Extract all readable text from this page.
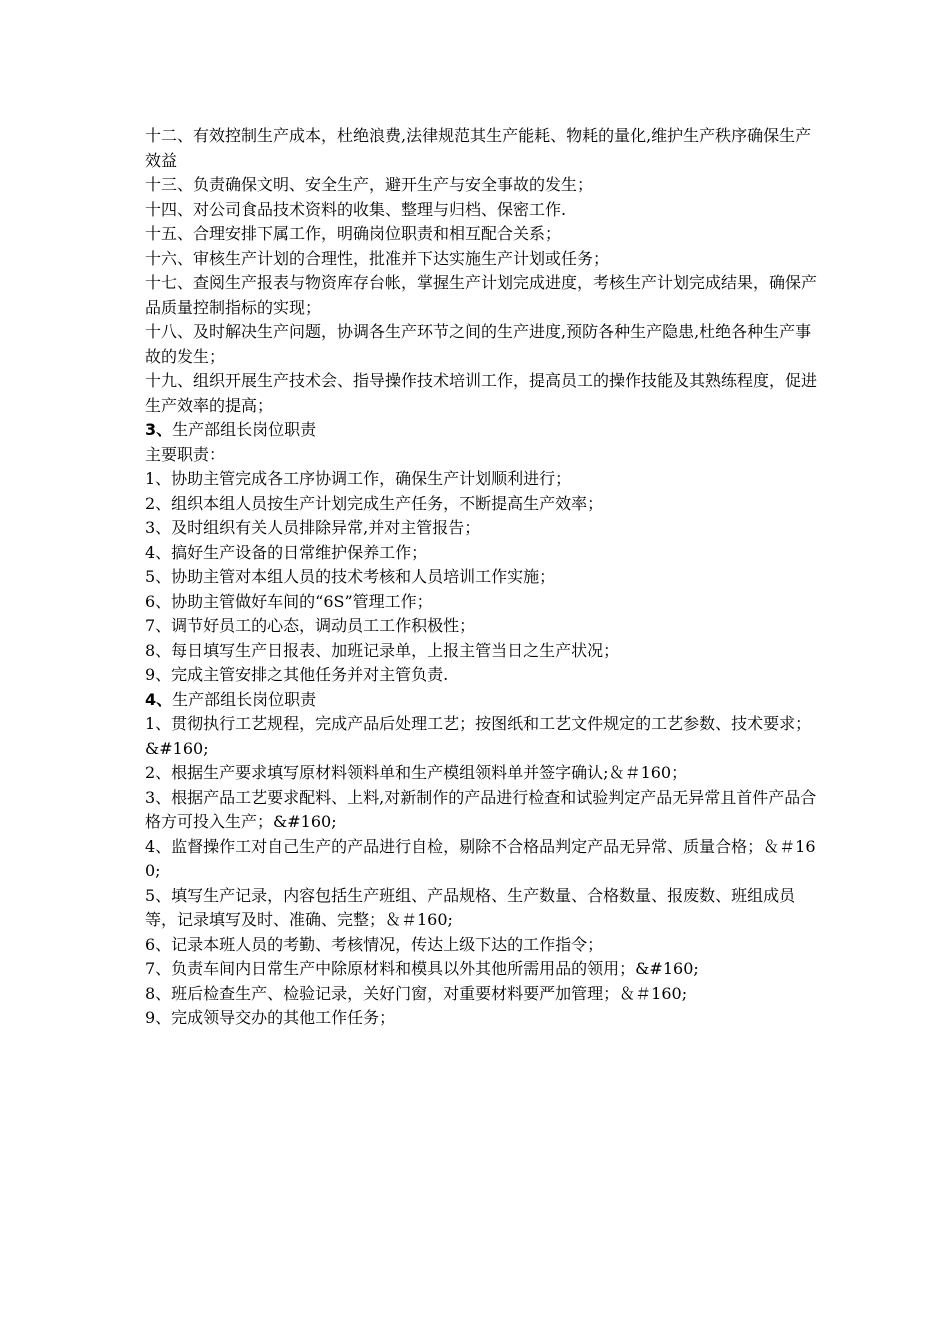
十二、有效控制生产成本，杜绝浪费,法律规范其生产能耗、物耗的量化,维护生产秩序确保生产效益

十三、负责确保文明、安全生产，避开生产与安全事故的发生；

十四、对公司食品技术资料的收集、整理与归档、保密工作.

十五、合理安排下属工作，明确岗位职责和相互配合关系；

十六、审核生产计划的合理性，批准并下达实施生产计划或任务；

十七、查阅生产报表与物资库存台帐，掌握生产计划完成进度，考核生产计划完成结果，确保产品质量控制指标的实现；

十八、及时解决生产问题，协调各生产环节之间的生产进度,预防各种生产隐患,杜绝各种生产事故的发生；

十九、组织开展生产技术会、指导操作技术培训工作，提高员工的操作技能及其熟练程度，促进生产效率的提高；

3、生产部组长岗位职责

主要职责：

1、协助主管完成各工序协调工作，确保生产计划顺利进行；

2、组织本组人员按生产计划完成生产任务，不断提高生产效率；

3、及时组织有关人员排除异常,并对主管报告；

4、搞好生产设备的日常维护保养工作；

5、协助主管对本组人员的技术考核和人员培训工作实施；

6、协助主管做好车间的“6S”管理工作；

7、调节好员工的心态，调动员工工作积极性；

8、每日填写生产日报表、加班记录单，上报主管当日之生产状况；

9、完成主管安排之其他任务并对主管负责.

4、生产部组长岗位职责

1、贯彻执行工艺规程，完成产品后处理工艺；按图纸和工艺文件规定的工艺参数、技术要求；&#160;

2、根据生产要求填写原材料领料单和生产模组领料单并签字确认;＆＃160；

3、根据产品工艺要求配料、上料,对新制作的产品进行检查和试验判定产品无异常且首件产品合格方可投入生产；&#160;

4、监督操作工对自己生产的产品进行自检，剔除不合格品判定产品无异常、质量合格；＆＃160;

5、填写生产记录，内容包括生产班组、产品规格、生产数量、合格数量、报废数、班组成员等，记录填写及时、准确、完整；＆＃160;

6、记录本班人员的考勤、考核情况，传达上级下达的工作指令；

7、负责车间内日常生产中除原材料和模具以外其他所需用品的领用；&#160;

8、班后检查生产、检验记录，关好门窗，对重要材料要严加管理；＆＃160;

9、完成领导交办的其他工作任务；
